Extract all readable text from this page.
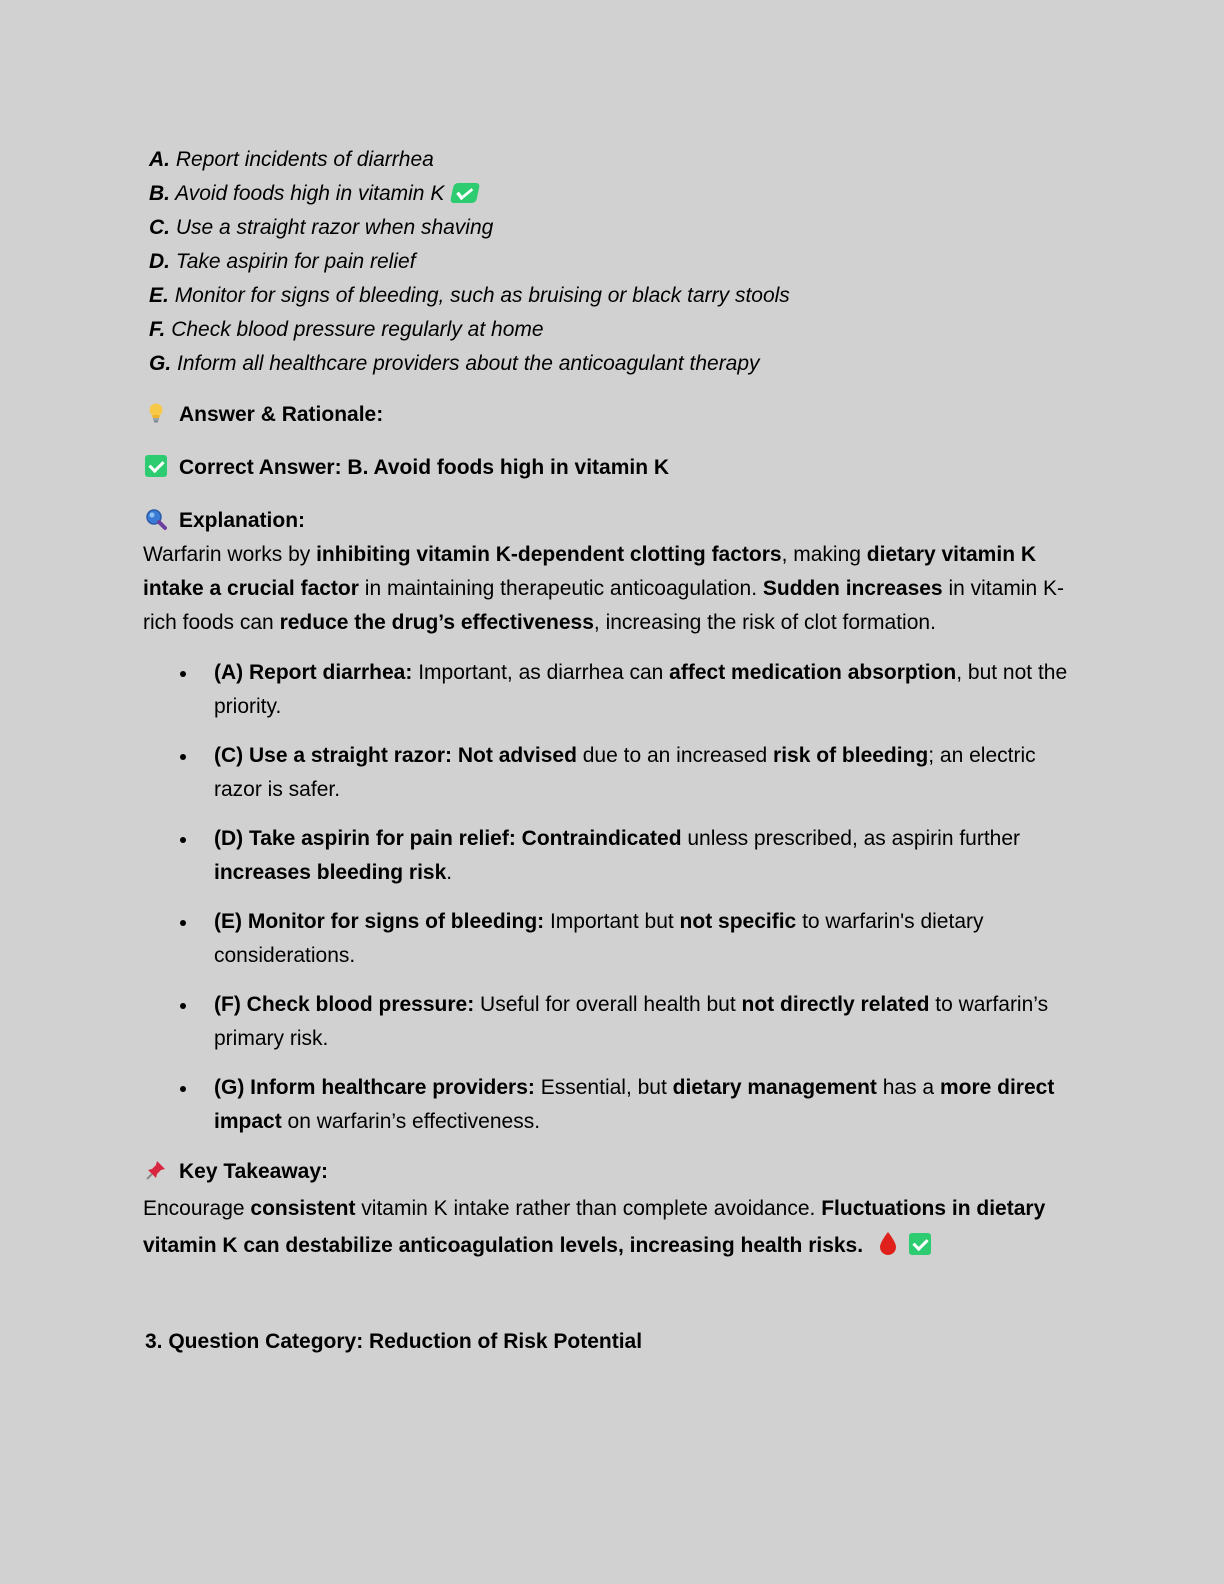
A. Report incidents of diarrhea
B. Avoid foods high in vitamin K
C. Use a straight razor when shaving
D. Take aspirin for pain relief
E. Monitor for signs of bleeding, such as bruising or black tarry stools
F. Check blood pressure regularly at home
G. Inform all healthcare providers about the anticoagulant therapy
Answer & Rationale:
Correct Answer: B. Avoid foods high in vitamin K
Explanation:

Warfarin works by inhibiting vitamin K-dependent clotting factors, making dietary vitamin K intake a crucial factor in maintaining therapeutic anticoagulation. Sudden increases in vitamin K-rich foods can reduce the drug’s effectiveness, increasing the risk of clot formation.

(A) Report diarrhea: Important, as diarrhea can affect medication absorption, but not the priority.
(C) Use a straight razor: Not advised due to an increased risk of bleeding; an electric razor is safer.
(D) Take aspirin for pain relief: Contraindicated unless prescribed, as aspirin further increases bleeding risk.
(E) Monitor for signs of bleeding: Important but not specific to warfarin's dietary considerations.
(F) Check blood pressure: Useful for overall health but not directly related to warfarin’s primary risk.
(G) Inform healthcare providers: Essential, but dietary management has a more direct impact on warfarin’s effectiveness.
Key Takeaway:

Encourage consistent vitamin K intake rather than complete avoidance. Fluctuations in dietary vitamin K can destabilize anticoagulation levels, increasing health risks.

3. Question Category: Reduction of Risk Potential
